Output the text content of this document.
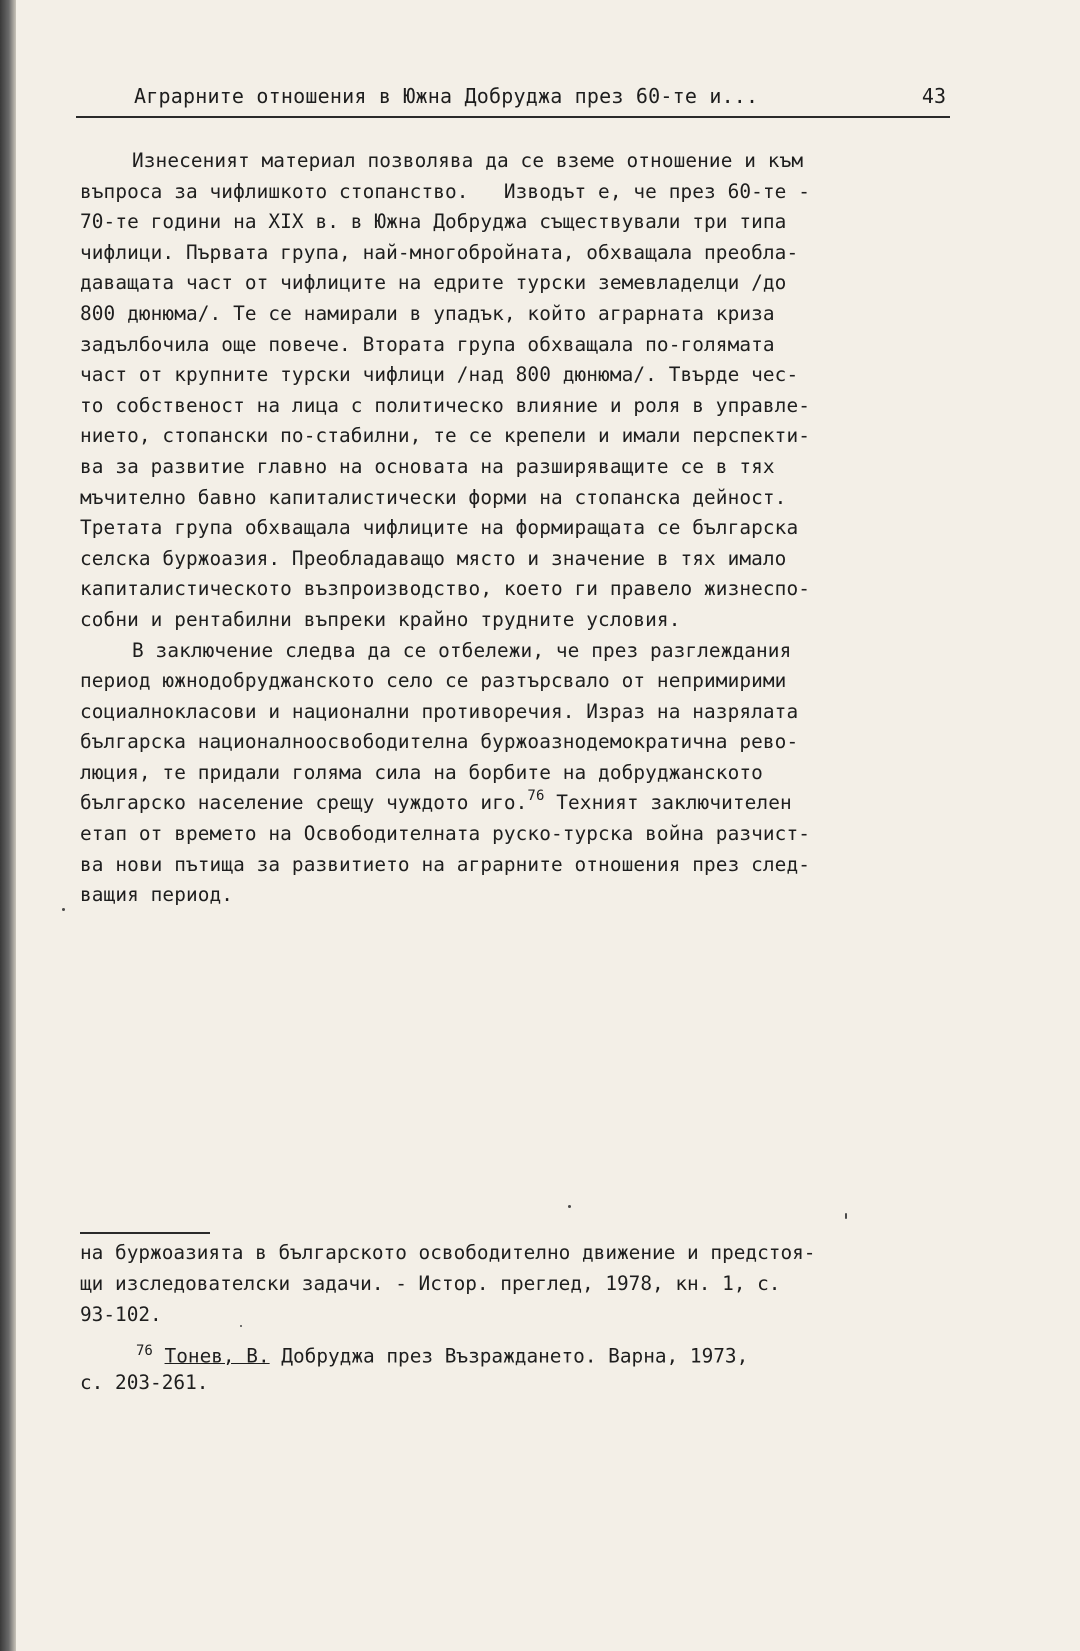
Аграрните отношения в Южна Добруджа през 60-те и...	43
Изнесеният материал позволява да се вземе отношение и към
въпроса за чифлишкото стопанство.   Изводът е, че през 60-те -
70-те години на XIX в. в Южна Добруджа съществували три типа
чифлици. Първата група, най-многобройната, обхващала преобла-
даващата част от чифлиците на едрите турски земевладелци /до
800 дюнюма/. Те се намирали в упадък, който аграрната криза
задълбочила още повече. Втората група обхващала по-голямата
част от крупните турски чифлици /над 800 дюнюма/. Твърде чес-
то собственост на лица с политическо влияние и роля в управле-
нието, стопански по-стабилни, те се крепели и имали перспекти-
ва за развитие главно на основата на разширяващите се в тях
мъчително бавно капиталистически форми на стопанска дейност.
Третата група обхващала чифлиците на формиращата се българска
селска буржоазия. Преобладаващо място и значение в тях имало
капиталистическото възпроизводство, което ги правело жизнеспо-
собни и рентабилни въпреки крайно трудните условия.
В заключение следва да се отбележи, че през разглеждания
период южнодобруджанското село се разтърсвало от непримирими
социалнокласови и национални противоречия. Израз на назрялата
българска националноосвободителна буржоазнодемократична рево-
люция, те придали голяма сила на борбите на добруджанското
българско население срещу чуждото иго.$^{76}$ Техният заключителен
етап от времето на Освободителната руско-турска война разчист-
ва нови пътища за развитието на аграрните отношения през след-
ващия период.
на буржоазията в българското освободително движение и предстоя-
щи изследователски задачи. - Истор. преглед, 1978, кн. 1, с.
93-102.
$^{76}$ Тонев, В. Добруджа през Възраждането. Варна, 1973,
с. 203-261.
